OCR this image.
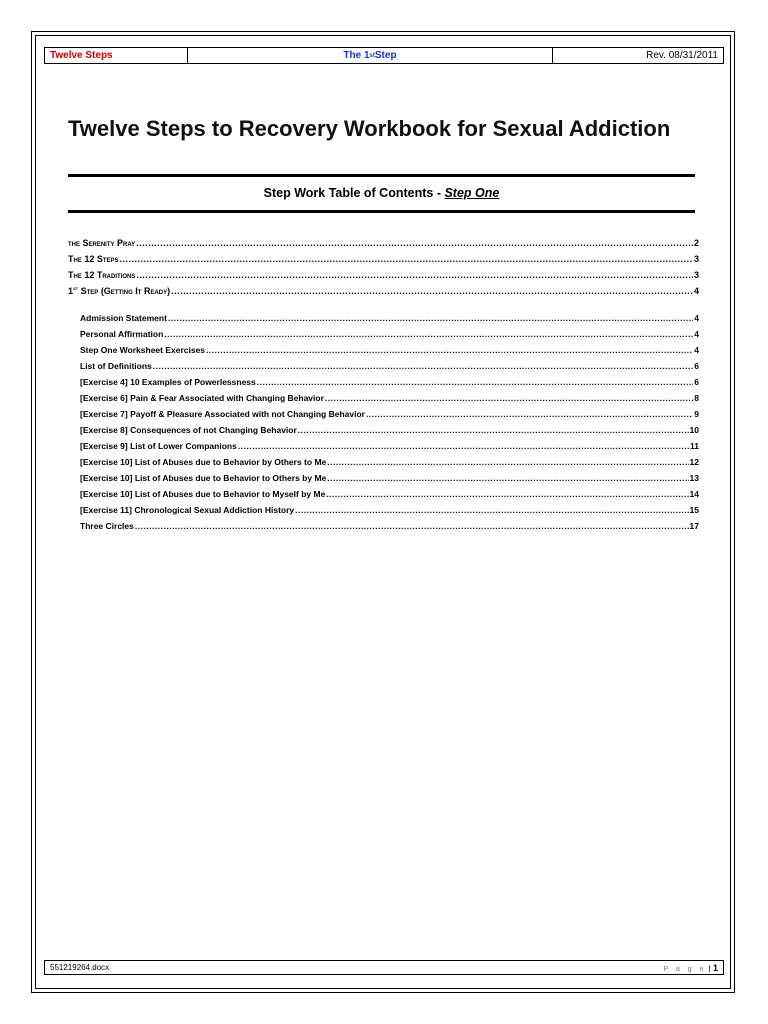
Twelve Steps	The 1 st Step	Rev. 08/31/2011
Twelve Steps to Recovery Workbook for Sexual Addiction
Step Work Table of Contents - Step One
the Serenity Pray .....	2
The 12 Steps .....	3
The 12 Traditions .....	3
1st Step (Getting It Ready) .....	4
Admission Statement .....	4
Personal Affirmation .....	4
Step One Worksheet Exercises .....	4
List of Definitions .....	6
[Exercise 4] 10 Examples of Powerlessness .....	6
[Exercise 6] Pain & Fear Associated with Changing Behavior .....	8
[Exercise 7] Payoff & Pleasure Associated with not Changing Behavior .....	9
[Exercise 8] Consequences of not Changing Behavior .....	10
[Exercise 9] List of Lower Companions .....	11
[Exercise 10] List of Abuses due to Behavior by Others to Me .....	12
[Exercise 10] List of Abuses due to Behavior to Others by Me .....	13
[Exercise 10] List of Abuses due to Behavior to Myself by Me .....	14
[Exercise 11] Chronological Sexual Addiction History .....	15
Three Circles .....	17
551219264.docx	P a g e | 1
